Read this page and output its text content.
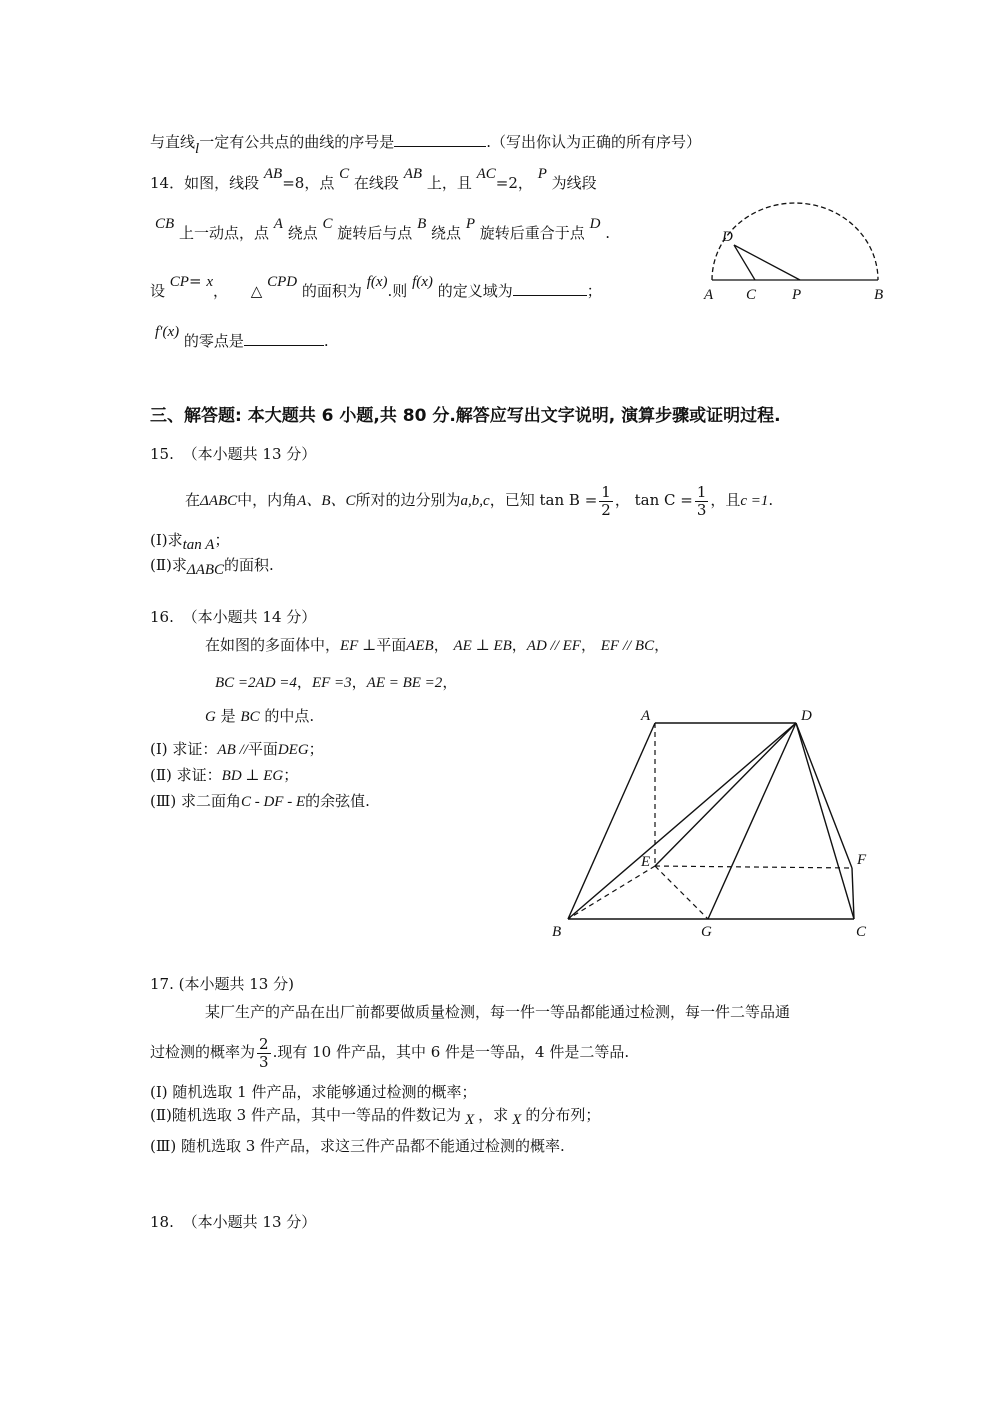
与直线l一定有公共点的曲线的序号是	.（写出你认为正确的所有序号）
14．如图，线段 AB=8，点 C 在线段 AB 上，且 AC=2， P 为线段
CB 上一动点，点 A 绕点 C 旋转后与点 B 绕点 P 旋转后重合于点 D .
设 CP= x， △ CPD 的面积为 f(x).则 f(x) 的定义域为	；
f′(x) 的零点是	.
D
A C P	B
三、解答题: 本大题共 6 小题,共 80 分.解答应写出文字说明, 演算步骤或证明过程.
15. （本小题共 13 分）
在ΔABC中，内角A、B、C所对的边分别为a,b,c，已知 $\tan B = \frac{1}{2}$ ， $\tan C = \frac{1}{3}$ ，且c =1.
(Ⅰ)求tan A；
(Ⅱ)求ΔABC的面积.
16. （本小题共 14 分）
在如图的多面体中，EF ⊥平面AEB， AE ⊥ EB，AD // EF， EF // BC，
BC =2AD =4，EF =3，AE = BE =2，
G 是 BC 的中点.
(Ⅰ) 求证：AB //平面DEG；
(Ⅱ) 求证：BD ⊥ EG；
(Ⅲ) 求二面角C - DF - E的余弦值.
A	D
E	F
B	G	C
17. (本小题共 13 分)
某厂生产的产品在出厂前都要做质量检测，每一件一等品都能通过检测，每一件二等品通
过检测的概率为 $\frac{2}{3}$ .现有 10 件产品，其中 6 件是一等品，4 件是二等品.
(Ⅰ) 随机选取 1 件产品，求能够通过检测的概率；
(Ⅱ)随机选取 3 件产品，其中一等品的件数记为 X ，求 X 的分布列；
(Ⅲ) 随机选取 3 件产品，求这三件产品都不能通过检测的概率.
18. （本小题共 13 分）
